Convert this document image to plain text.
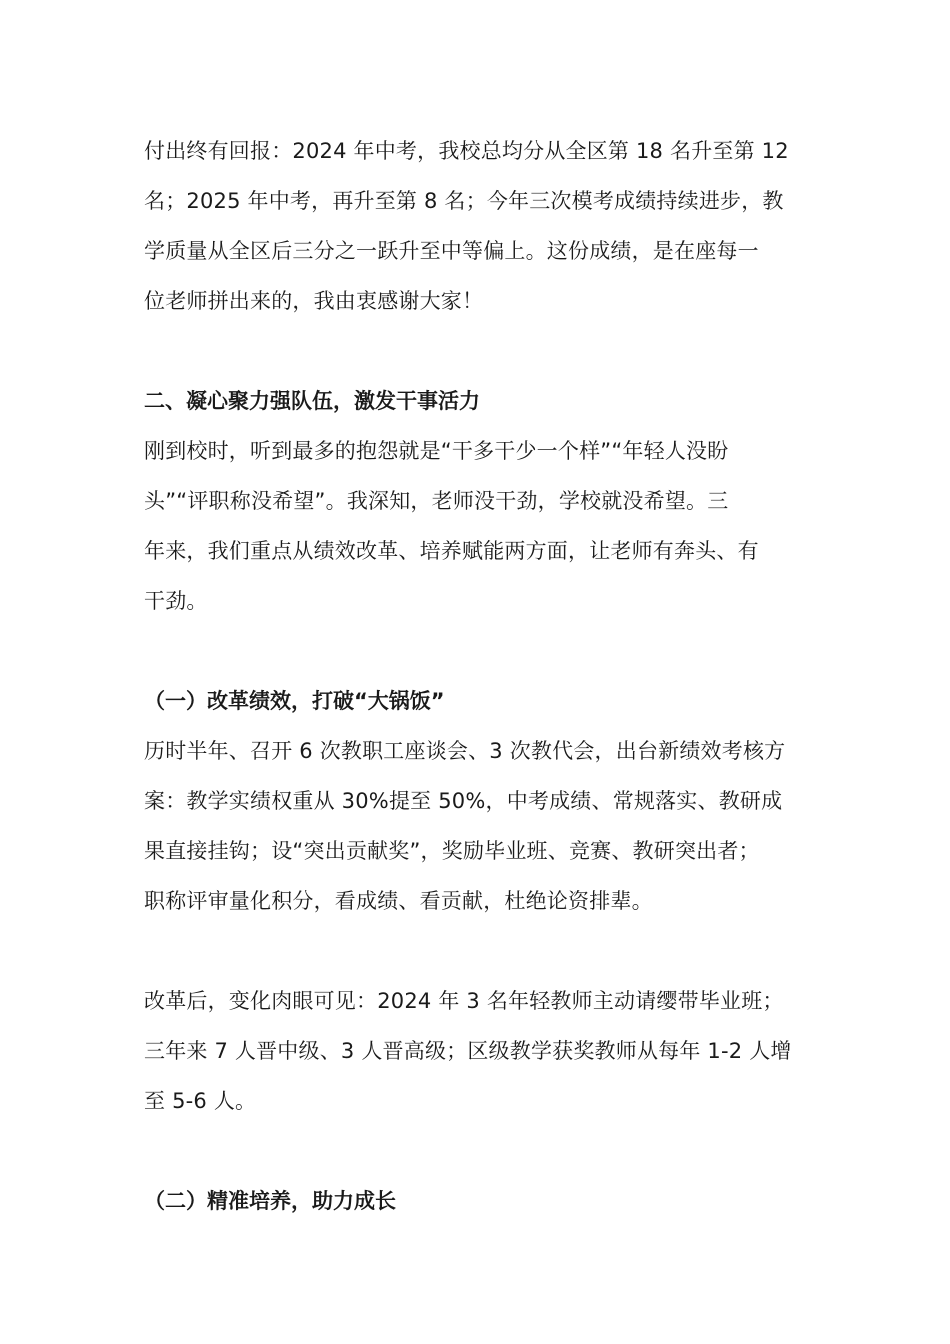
付出终有回报：2024 年中考，我校总均分从全区第 18 名升至第 12
名；2025 年中考，再升至第 8 名；今年三次模考成绩持续进步，教
学质量从全区后三分之一跃升至中等偏上。这份成绩，是在座每一
位老师拼出来的，我由衷感谢大家！

二、凝心聚力强队伍，激发干事活力

刚到校时，听到最多的抱怨就是“干多干少一个样”“年轻人没盼
头”“评职称没希望”。我深知，老师没干劲，学校就没希望。三
年来，我们重点从绩效改革、培养赋能两方面，让老师有奔头、有
干劲。

（一）改革绩效，打破“大锅饭”

历时半年、召开 6 次教职工座谈会、3 次教代会，出台新绩效考核方
案：教学实绩权重从 30%提至 50%，中考成绩、常规落实、教研成
果直接挂钩；设“突出贡献奖”，奖励毕业班、竞赛、教研突出者；
职称评审量化积分，看成绩、看贡献，杜绝论资排辈。

改革后，变化肉眼可见：2024 年 3 名年轻教师主动请缨带毕业班；
三年来 7 人晋中级、3 人晋高级；区级教学获奖教师从每年 1-2 人增
至 5-6 人。

（二）精准培养，助力成长
